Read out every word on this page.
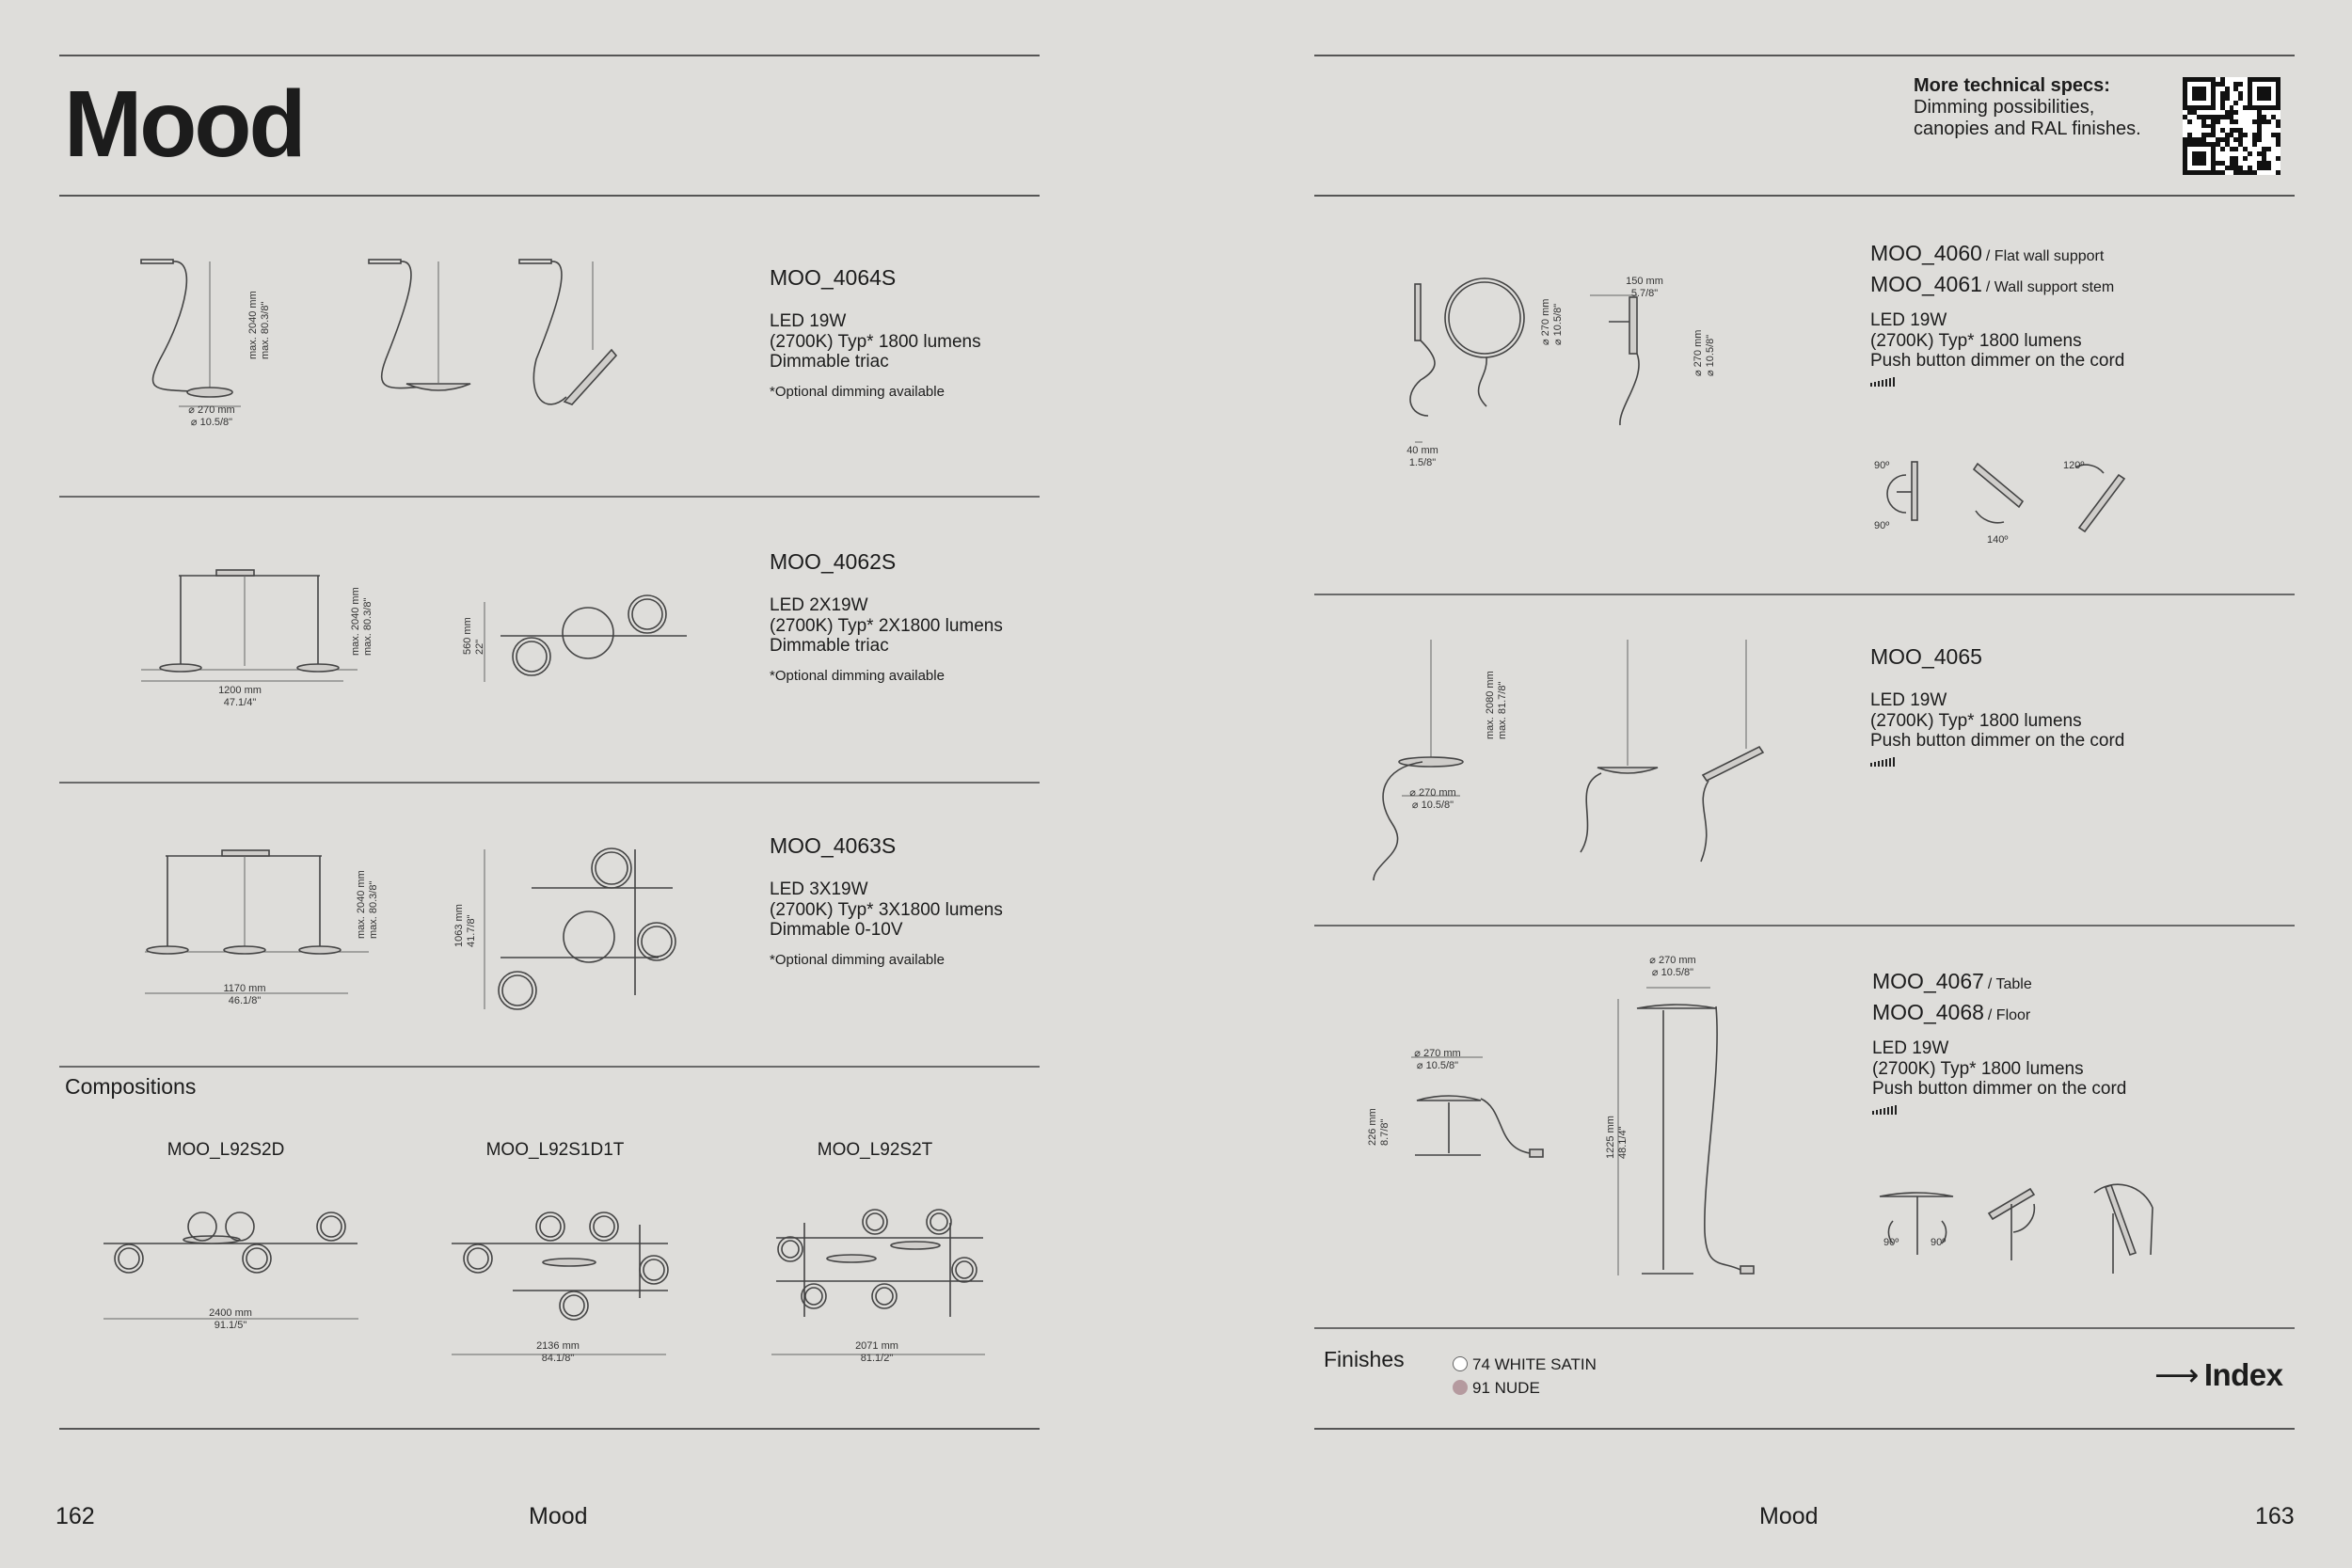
Mood
max. 2040 mm
max. 80.3/8"
⌀ 270 mm
⌀ 10.5/8"
MOO_4064S
LED 19W
(2700K) Typ* 1800 lumens
Dimmable triac
*Optional dimming available
max. 2040 mm
max. 80.3/8"
1200 mm
47.1/4"
560 mm
22"
MOO_4062S
LED 2X19W
(2700K) Typ* 2X1800 lumens
Dimmable triac
*Optional dimming available
max. 2040 mm
max. 80.3/8"
1170 mm
46.1/8"
1063 mm
41.7/8"
MOO_4063S
LED 3X19W
(2700K) Typ* 3X1800 lumens
Dimmable 0-10V
*Optional dimming available
Compositions
MOO_L92S2D	MOO_L92S1D1T	MOO_L92S2T
2400 mm
91.1/5"
2136 mm
84.1/8"
2071 mm
81.1/2"
162	Mood
More technical specs:
Dimming possibilities,
canopies and RAL finishes.
⌀ 270 mm
⌀ 10.5/8"
150 mm
5.7/8"
⌀ 270 mm
⌀ 10.5/8"
40 mm
1.5/8"
MOO_4060 / Flat wall support
MOO_4061 / Wall support stem
LED 19W
(2700K) Typ* 1800 lumens
Push button dimmer on the cord
90º
90º
140º
120º
max. 2080 mm
max. 81.7/8"
⌀ 270 mm
⌀ 10.5/8"
MOO_4065
LED 19W
(2700K) Typ* 1800 lumens
Push button dimmer on the cord
⌀ 270 mm
⌀ 10.5/8"
⌀ 270 mm
⌀ 10.5/8"
226 mm
8.7/8"	1225 mm
48.1/4"
MOO_4067 / Table
MOO_4068 / Floor
LED 19W
(2700K) Typ* 1800 lumens
Push button dimmer on the cord
90º	90º
Finishes	74 WHITE SATIN
91 NUDE	⟶ Index
Mood	163
